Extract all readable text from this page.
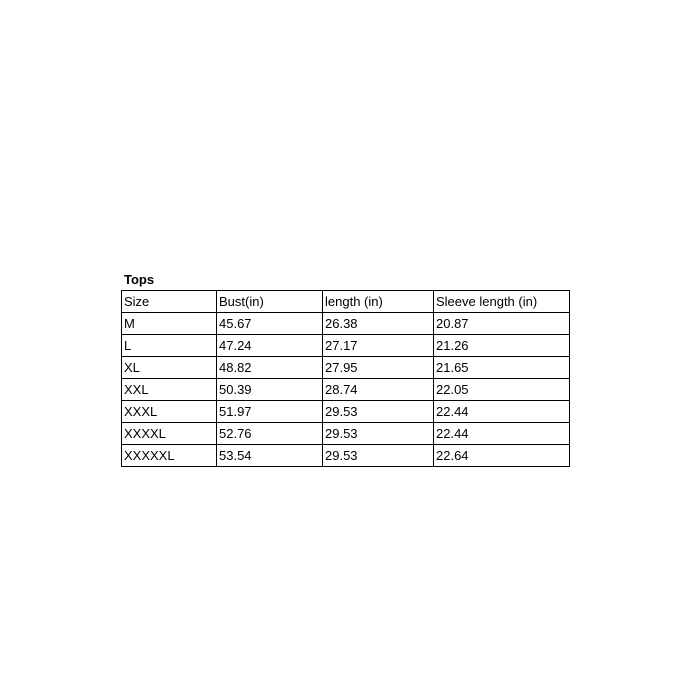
Tops
Size	Bust(in)	length (in)	Sleeve length (in)
M	45.67	26.38	20.87
L	47.24	27.17	21.26
XL	48.82	27.95	21.65
XXL	50.39	28.74	22.05
XXXL	51.97	29.53	22.44
XXXXL	52.76	29.53	22.44
XXXXXL	53.54	29.53	22.64
